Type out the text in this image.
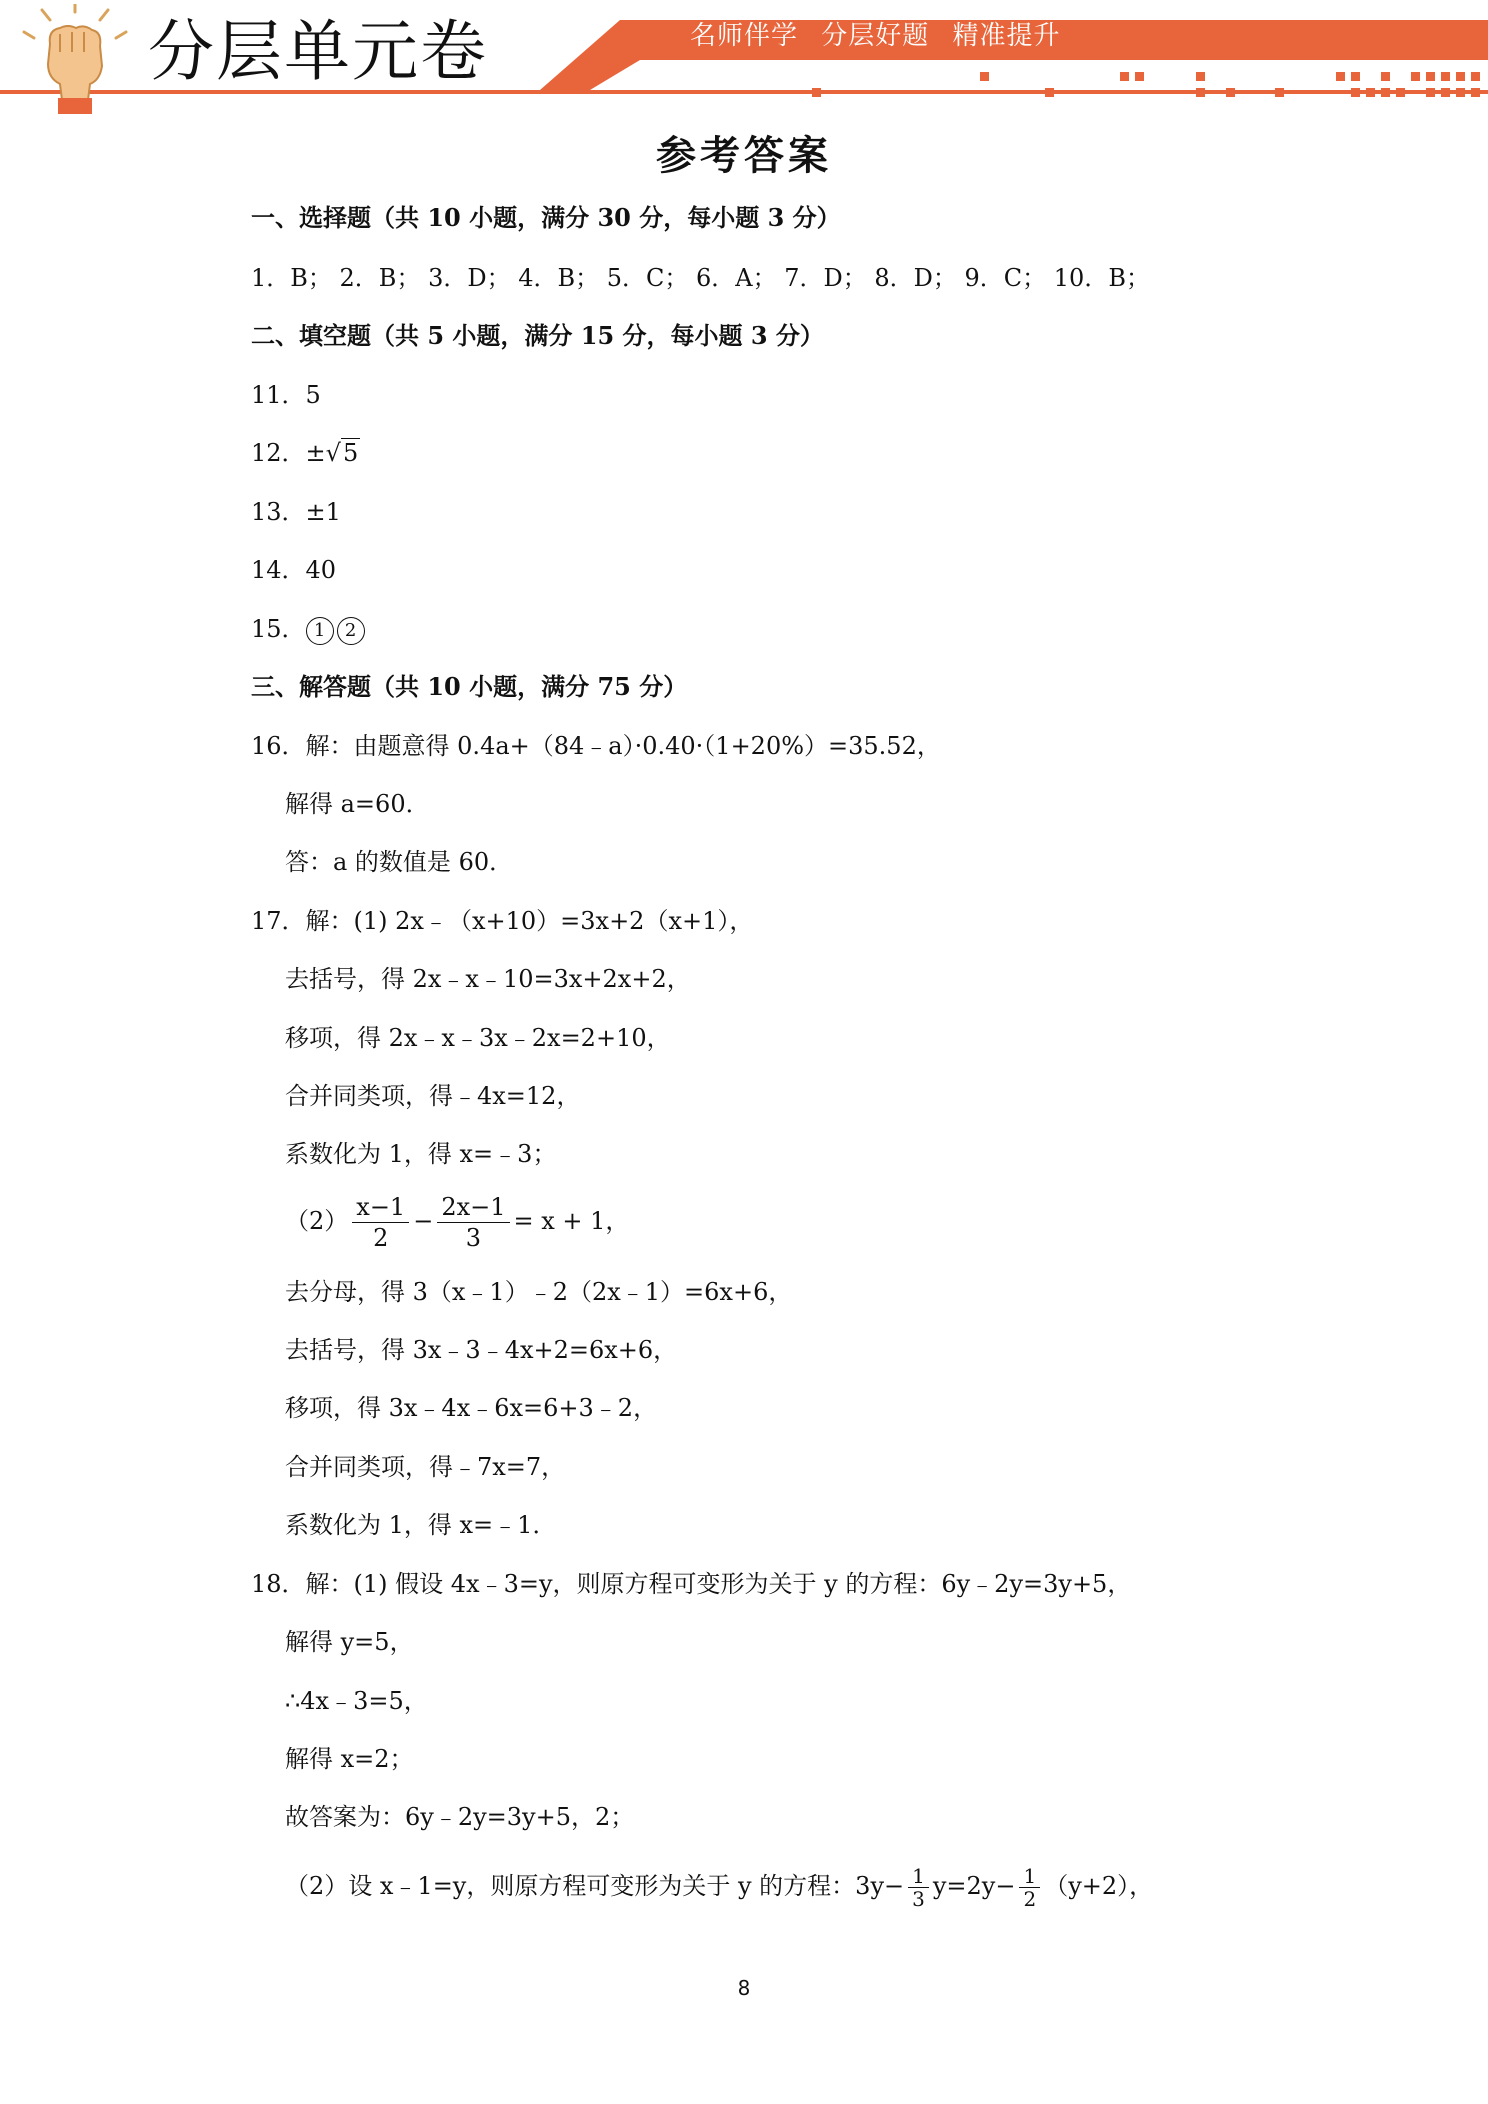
分层单元卷	名师伴学 分层好题 精准提升
参考答案
一、选择题（共 10 小题，满分 30 分，每小题 3 分）
1．B； 2．B； 3．D； 4．B； 5．C； 6．A； 7．D； 8．D； 9．C； 10．B；
二、填空题（共 5 小题，满分 15 分，每小题 3 分）
11．5
12．±√5
13．±1
14．40
15． 1 2
三、解答题（共 10 小题，满分 75 分）
16．解：由题意得 0.4a+（84﹣a）·0.40·（1+20%）=35.52，
解得 a=60．
答：a 的数值是 60．
17．解：(1) 2x﹣（x+10）=3x+2（x+1），
去括号，得 2x﹣x﹣10=3x+2x+2，
移项，得 2x﹣x﹣3x﹣2x=2+10，
合并同类项，得﹣4x=12，
系数化为 1，得 x=﹣3；
$(2) \frac{x-1}{2} - \frac{2x-1}{3} = x + 1$，
去分母，得 3（x﹣1）﹣2（2x﹣1）=6x+6，
去括号，得 3x﹣3﹣4x+2=6x+6，
移项，得 3x﹣4x﹣6x=6+3﹣2，
合并同类项，得﹣7x=7，
系数化为 1，得 x=﹣1．
18．解：(1) 假设 4x﹣3=y，则原方程可变形为关于 y 的方程：6y﹣2y=3y+5，
解得 y=5，
∴4x﹣3=5，
解得 x=2；
故答案为：6y﹣2y=3y+5，2；
（2）设 x﹣1=y，则原方程可变形为关于 y 的方程：$3y- \frac{1}{3} y=2y- \frac{1}{2} (y+2)$，
8
